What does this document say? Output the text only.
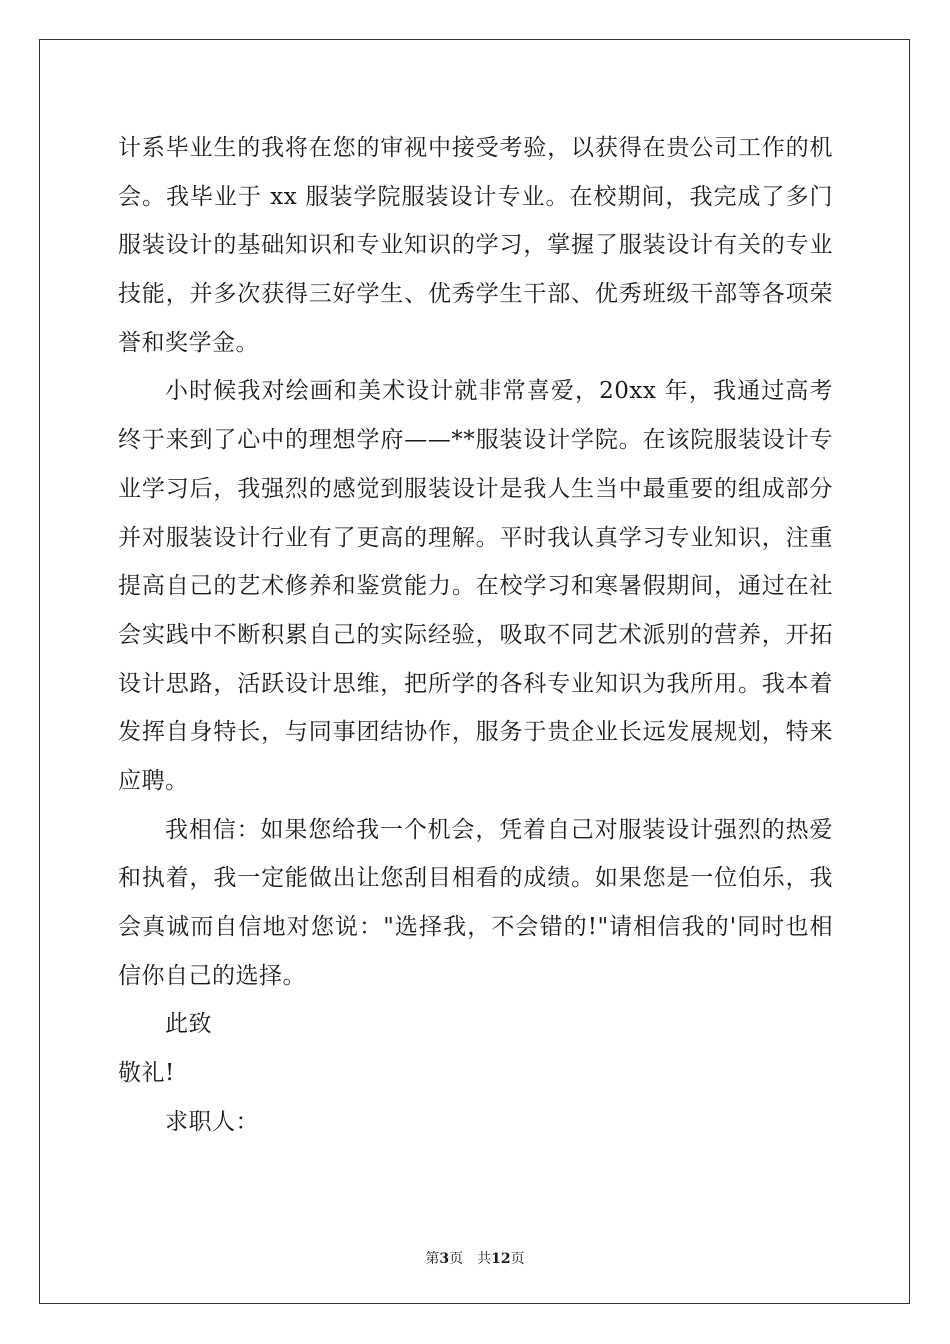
计系毕业生的我将在您的审视中接受考验，以获得在贵公司工作的机
会。我毕业于 xx 服装学院服装设计专业。在校期间，我完成了多门
服装设计的基础知识和专业知识的学习，掌握了服装设计有关的专业
技能，并多次获得三好学生、优秀学生干部、优秀班级干部等各项荣
誉和奖学金。
小时候我对绘画和美术设计就非常喜爱，20xx 年，我通过高考
终于来到了心中的理想学府——**服装设计学院。在该院服装设计专
业学习后，我强烈的感觉到服装设计是我人生当中最重要的组成部分
并对服装设计行业有了更高的理解。平时我认真学习专业知识，注重
提高自己的艺术修养和鉴赏能力。在校学习和寒暑假期间，通过在社
会实践中不断积累自己的实际经验，吸取不同艺术派别的营养，开拓
设计思路，活跃设计思维，把所学的各科专业知识为我所用。我本着
发挥自身特长，与同事团结协作，服务于贵企业长远发展规划，特来
应聘。
我相信：如果您给我一个机会，凭着自己对服装设计强烈的热爱
和执着，我一定能做出让您刮目相看的成绩。如果您是一位伯乐，我
会真诚而自信地对您说："选择我，不会错的!"请相信我的'同时也相
信你自己的选择。
此致
敬礼!
求职人：
第3页 共12页
